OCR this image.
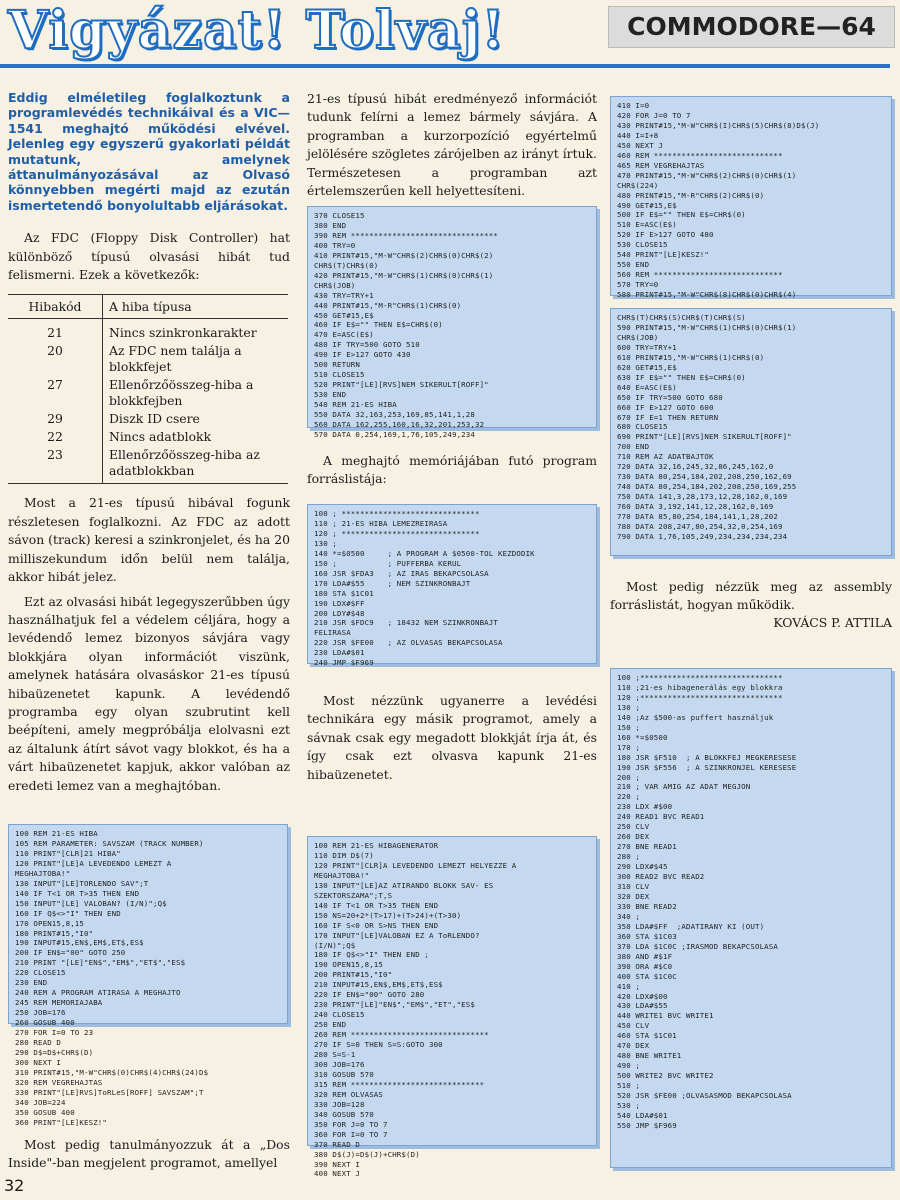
Vigyázat! Tolvaj!	COMMODORE—64

Eddig elméletileg foglalkoztunk a programlevédés technikáival és a VIC—1541 meghajtó működési elvével. Jelenleg egy egyszerű gyakorlati példát mutatunk, amelynek áttanulmányozásával az Olvasó könnyebben megérti majd az ezután ismertetendő bonyolultabb eljárásokat.

Az FDC (Floppy Disk Controller) hat különböző típusú olvasási hibát tud felismerni. Ezek a következők:

Hibakód	A hiba típusa
21	Nincs szinkronkarakter
20	Az FDC nem találja a blokkfejet
27	Ellenőrzőösszeg-hiba a blokkfejben
29	Diszk ID csere
22	Nincs adatblokk
23	Ellenőrzőösszeg-hiba az adatblokkban

Most a 21-es típusú hibával fogunk részletesen foglalkozni. Az FDC az adott sávon (track) keresi a szinkronjelet, és ha 20 milliszekundum időn belül nem találja, akkor hibát jelez.

Ezt az olvasási hibát legegyszerűbben úgy használhatjuk fel a védelem céljára, hogy a levédendő lemez bizonyos sávjára vagy blokkjára olyan információt viszünk, amelynek hatására olvasáskor 21-es típusú hibaüzenetet kapunk. A levédendő programba egy olyan szubrutint kell beépíteni, amely megpróbálja elolvasni ezt az általunk átírt sávot vagy blokkot, és ha a várt hibaüzenetet kapjuk, akkor valóban az eredeti lemez van a meghajtóban.

100 REM 21-ES HIBA
105 REM PARAMETER: SAVSZAM (TRACK NUMBER)
110 PRINT"[CLR]21 HIBA"
120 PRINT"[LE]A LEVEDENDO LEMEZT A
MEGHAJTOBA!"
130 INPUT"[LE]TORLENDO SAV";T
140 IF T<1 OR T>35 THEN END
150 INPUT"[LE] VALOBAN? (I/N)";Q$
160 IF Q$<>"I" THEN END
170 OPEN15,8,15
180 PRINT#15,"I0"
190 INPUT#15,EN$,EM$,ET$,ES$
200 IF EN$="00" GOTO 250
210 PRINT "[LE]"EN$","EM$","ET$","ES$
220 CLOSE15
230 END
240 REM A PROGRAM ATIRASA A MEGHAJTO
245 REM MEMORIAJABA
250 JOB=176
260 GOSUB 400
270 FOR I=0 TO 23
280 READ D
290 D$=D$+CHR$(D)
300 NEXT I
310 PRINT#15,"M-W"CHR$(0)CHR$(4)CHR$(24)D$
320 REM VEGREHAJTAS
330 PRINT"[LE]RVS]ToRLeS[ROFF] SAVSZAM";T
340 JOB=224
350 GOSUB 400
360 PRINT"[LE]KESZ!"

Most pedig tanulmányozzuk át a „Dos Inside"-ban megjelent programot, amellyel

21-es típusú hibát eredményező információt tudunk felírni a lemez bármely sávjára. A programban a kurzorpozíció egyértelmű jelölésére szögletes zárójelben az irányt írtuk. Természetesen a programban azt értelemszerűen kell helyettesíteni.

370 CLOSE15
380 END
390 REM ********************************
400 TRY=0
410 PRINT#15,"M-W"CHR$(2)CHR$(0)CHR$(2)
CHR$(T)CHR$(0)
420 PRINT#15,"M-W"CHR$(1)CHR$(0)CHR$(1)
CHR$(JOB)
430 TRY=TRY+1
440 PRINT#15,"M-R"CHR$(1)CHR$(0)
450 GET#15,E$
460 IF E$="" THEN E$=CHR$(0)
470 E=ASC(E$)
480 IF TRY=500 GOTO 510
490 IF E>127 GOTO 430
500 RETURN
510 CLOSE15
520 PRINT"[LE][RVS]NEM SIKERULT[ROFF]"
530 END
540 REM 21-ES HIBA
550 DATA 32,163,253,169,85,141,1,28
560 DATA 162,255,160,16,32,201,253,32
570 DATA 0,254,169,1,76,105,249,234

A meghajtó memóriájában futó program forráslistája:

100 ; ******************************
110 ; 21-ES HIBA LEMEZREIRASA
120 ; ******************************
130 ;
140 *=$0500     ; A PROGRAM A $0500-TOL KEZDODIK
150 ;           ; PUFFERBA KERUL
160 JSR $FDA3   ; AZ IRAS BEKAPCSOLASA
170 LDA#$55     ; NEM SZINKRONBAJT
180 STA $1C01
190 LDX#$FF
200 LDY#$48
210 JSR $FDC9   ; 18432 NEM SZINKRONBAJT
FELIRASA
220 JSR $FE00   ; AZ OLVASAS BEKAPCSOLASA
230 LDA#$01
240 JMP $F969

Most nézzünk ugyanerre a levédési technikára egy másik programot, amely a sávnak csak egy megadott blokkját írja át, és így csak ezt olvasva kapunk 21-es hibaüzenetet.

100 REM 21-ES HIBAGENERATOR
110 DIM D$(7)
120 PRINT"[CLR]A LEVEDENDO LEMEZT HELYEZZE A
MEGHAJTOBA!"
130 INPUT"[LE]AZ ATIRANDO BLOKK SAV- ES
SZEKTORSZAMA";T,S
140 IF T<1 OR T>35 THEN END
150 NS=20+2*(T>17)+(T>24)+(T>30)
160 IF S<0 OR S>NS THEN END
170 INPUT"[LE]VALOBAN EZ A ToRLENDO?
(I/N)";Q$
180 IF Q$<>"I" THEN END ;
190 OPEN15,8,15
200 PRINT#15,"I0"
210 INPUT#15,EN$,EM$,ET$,ES$
220 IF EN$="00" GOTO 280
230 PRINT"[LE]"EN$","EM$","ET","ES$
240 CLOSE15
250 END
260 REM ******************************
270 IF S=0 THEN S=S:GOTO 300
280 S=S-1
300 JOB=176
310 GOSUB 570
315 REM *****************************
320 REM OLVASAS
330 JOB=128
340 GOSUB 570
350 FOR J=0 TO 7
360 FOR I=0 TO 7
370 READ D
380 D$(J)=D$(J)+CHR$(D)
390 NEXT I
400 NEXT J
410 I=0
420 FOR J=0 TO 7
430 PRINT#15,"M-W"CHR$(I)CHR$(5)CHR$(8)D$(J)
440 I=I+8
450 NEXT J
460 REM ****************************
465 REM VEGREHAJTAS
470 PRINT#15,"M-W"CHR$(2)CHR$(0)CHR$(1)
CHR$(224)
480 PRINT#15,"M-R"CHR$(2)CHR$(0)
490 GET#15,E$
500 IF E$="" THEN E$=CHR$(0)
510 E=ASC(E$)
520 IF E>127 GOTO 480
530 CLOSE15
540 PRINT"[LE]KESZ!"
550 END
560 REM ****************************
570 TRY=0
580 PRINT#15,"M-W"CHR$(8)CHR$(0)CHR$(4)
CHR$(T)CHR$(S)CHR$(T)CHR$(S)
590 PRINT#15,"M-W"CHR$(1)CHR$(0)CHR$(1)
CHR$(JOB)
600 TRY=TRY+1
610 PRINT#15,"M-W"CHR$(1)CHR$(0)
620 GET#15,E$
630 IF E$="" THEN E$=CHR$(0)
640 E=ASC(E$)
650 IF TRY=500 GOTO 680
660 IF E>127 GOTO 600
670 IF E=1 THEN RETURN
680 CLOSE15
690 PRINT"[LE][RVS]NEM SIKERULT[ROFF]"
700 END
710 REM AZ ADATBAJTOK
720 DATA 32,16,245,32,86,245,162,0
730 DATA 80,254,184,202,208,250,162,69
740 DATA 80,254,184,202,208,250,169,255
750 DATA 141,3,28,173,12,28,162,0,169
760 DATA 3,192,141,12,28,162,0,169
770 DATA 85,80,254,184,141,1,28,202
780 DATA 208,247,80,254,32,0,254,169
790 DATA 1,76,105,249,234,234,234,234

Most pedig nézzük meg az assembly forráslistát, hogyan működik.

KOVÁCS P. ATTILA

100 ;*******************************
110 ;21-es hibagenerálás egy blokkra
120 ;*******************************
130 ;
140 ;Az $500-as puffert használjuk
150 ;
160 *=$0500
170 ;
180 JSR $F510  ; A BLOKKFEJ MEGKERESESE
190 JSR $F556  ; A SZINKRONJEL KERESESE
200 ;
210 ; VAR AMIG AZ ADAT MEGJON
220 ;
230 LDX #$00
240 READ1 BVC READ1
250 CLV
260 DEX
270 BNE READ1
280 ;
290 LDX#$45
300 READ2 BVC READ2
310 CLV
320 DEX
330 BNE READ2
340 ;
350 LDA#$FF  ;ADATIRANY KI (OUT)
360 STA $1C03
370 LDA $1C0C ;IRASMOD BEKAPCSOLASA
380 AND #$1F
390 ORA #$C0
400 STA $1C0C
410 ;
420 LDX#$00
430 LDA#$55
440 WRITE1 BVC WRITE1
450 CLV
460 STA $1C01
470 DEX
480 BNE WRITE1
490 ;
500 WRITE2 BVC WRITE2
510 ;
520 JSR $FE00 ;OLVASASMOD BEKAPCSOLASA
530 ;
540 LDA#$01
550 JMP $F969
32
